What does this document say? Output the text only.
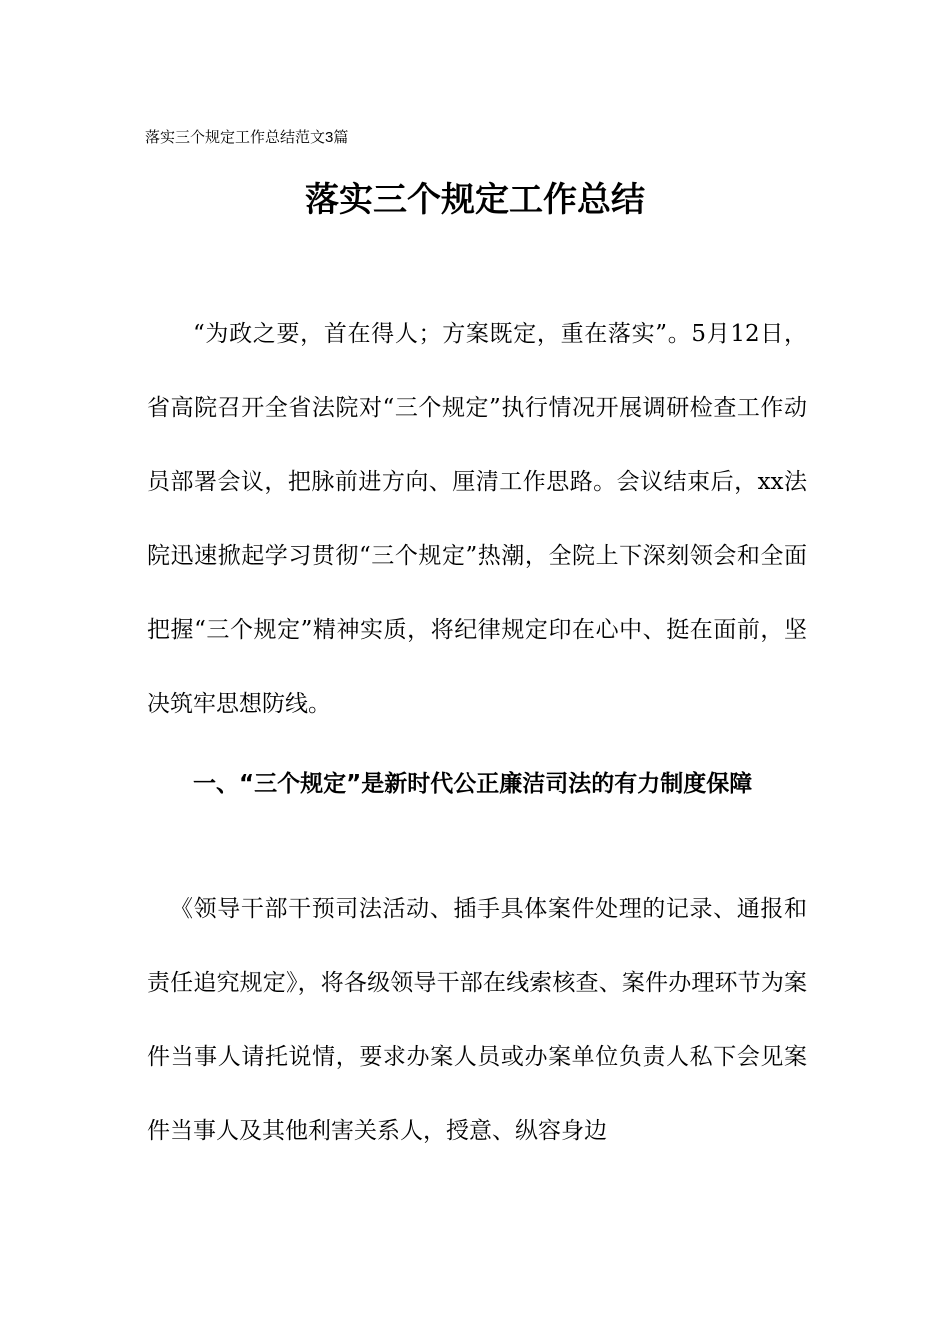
落实三个规定工作总结范文3篇
落实三个规定工作总结

“为政之要，首在得人；方案既定，重在落实”。5月12日，省高院召开全省法院对“三个规定”执行情况开展调研检查工作动员部署会议，把脉前进方向、厘清工作思路。会议结束后，xx法院迅速掀起学习贯彻“三个规定”热潮，全院上下深刻领会和全面把握“三个规定”精神实质，将纪律规定印在心中、挺在面前，坚决筑牢思想防线。

一、“三个规定”是新时代公正廉洁司法的有力制度保障

《领导干部干预司法活动、插手具体案件处理的记录、通报和责任追究规定》，将各级领导干部在线索核查、案件办理环节为案件当事人请托说情，要求办案人员或办案单位负责人私下会见案件当事人及其他利害关系人，授意、纵容身边
